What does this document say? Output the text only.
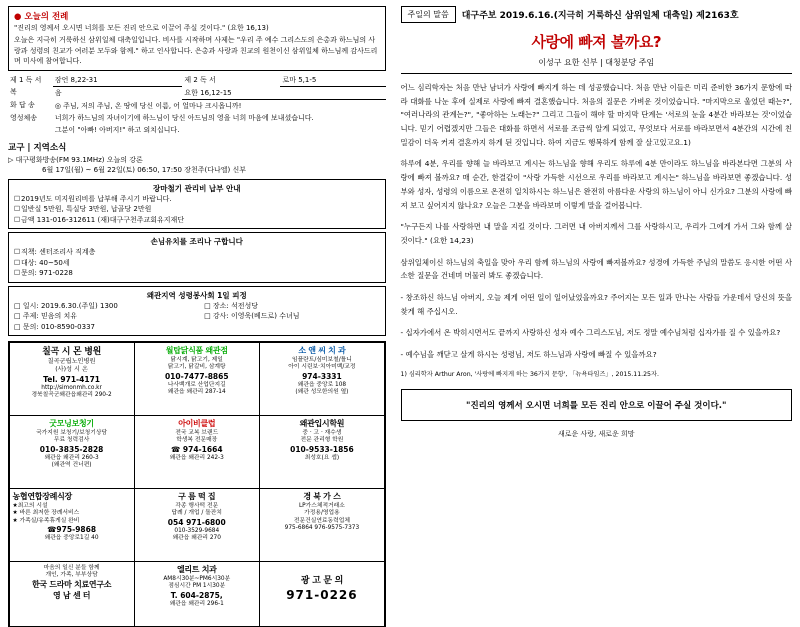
● 오늘의 전례
"진리의 영께서 오시면 너희를 모든 진리 안으로 이끌어 주실 것이다." (요한 16,13)
오늘은 지극히 거룩하신 삼위일체 대축일입니다. 비사를 시작하며 사제는 "우리 주 예수 그리스도의 은총과 하느님의 사랑과 성령의 친교가 여러분 모두와 함께." 하고 인사합니다. 은총과 사랑과 친교의 원천이신 삼위일체 하느님께 감사드리며 미사에 참여합니다.
제 1 독 서	잠언 8,22-31	제 2 독 서	로마 5,1-5
복	음	요한 16,12-15	
화 답 송	◎ 주님, 저의 주님, 온 땅에 당신 이름, 어 얼마나 크시옵니까!		
영성체송	너희가 하느님의 자녀이기에 하느님이 당신 아드님의 영을 너희 마음에 보내셨습니다.		
	그분이 "아빠! 아버지!" 하고 외치십니다.		
교구 | 지역소식
▷ 대구평화방송(FM 93.1MHz) 오늘의 강론
6월 17일(월) ~ 6월 22일(토) 06:50, 17:50 장천주(다나엘) 신부
장마철기 관리비 납부 안내
□ 2019년도 미지원리비를 납부해 주시기 바랍니다.
□ 일반실 5만원, 특실당 3만원, 납골당 2만원
□ 금액 131-016-312611 (재)대구구천주교회유지재단
손님유치를 조리나 구합니다
□ 직책: 센터조리사 직계층
□ 대상: 40~50세
□ 문의: 971-0228
왜관지역 성령봉사회 1일 피정
□ 일시: 2019.6.30.(주일) 1300	□ 장소: 석전성당
□ 주제: 믿음의 치유	□ 강사: 이영욱(베드로) 수녀님
□ 문의: 010-8590-0337
칠곡 시 몬 병원
칠곡군립노인병원
(사)성 시 온
Tel. 971-4171
http://simonmh.co.kr
경북칠곡군왜관읍왜관리 290-2
월탑닭식품 왜관점
닭시계, 닭고기, 제일
닭고기, 닭갈비, 삼계탕
010-7477-8865
나사백개로 산업단지길
왜관읍 왜관리 287-14
소 앤 씨 치 과
임플란트/심미보철/틀니
아이 시린보·치아미백/교정
974-3331
왜관읍 중앙로 108
(왜관 성모한의원 옆)
굿모닝보청기
국가지원 보청기/보청기상담
무료 청력검사
010-3835-2828
왜관읍 왜관리 260-3
(왜관역 건너편)
아이비클럽
전국 교복 브랜드
학생복 전문매장
☎ 974-1664
왜관읍 왜관리 242-3
왜관입시학원
중 · 고 · 재수생
전문 관리형 학원
010-9533-1856
최성호(요 셉)
농협연합장례식장
★최고의 시설
★ 바른 최저한 장례서비스
★ 가족실/유족휴게실 완비
☎975-9868
왜관읍 중앙로1길 40
구 름 떡 집
각종 행사떡 전문
답례 / 개업 / 돌잔치
054 971-6800
010-3529-9684
왜관읍 왜관리 270
경 북 가 스
LP가스체적거래소
가정용/영업용
전문건실연료동력업체
975-6864 976-9575-7373
마음의 일신 분들 함께
개인, 가족, 부부상담
한국 드라마 치료연구소
영 남 센 터
엘리트 치과
AM8시30분~PM6시30분
점심시간 PM 1시30분
T. 604-2875,
왜관읍 왜관리 296-1
광 고 문 의
971-0226
주일의 말씀	대구주보 2019.6.16.(지극히 거룩하신 삼위일체 대축일) 제2163호
사랑에 빠져 볼까요?
이성구 요한 신부 | 대청분당 주임

어느 심리학자는 처음 만난 남녀가 사랑에 빠지게 하는 데 성공했습니다. 처음 만난 이들은 미리 준비한 36가지 문항에 따라 대화를 나눈 후에 실제로 사랑에 빠져 결혼했습니다. 처음의 질문은 가벼운 것이었습니다. "마지막으로 울었던 때는?", "여러나라의 관계는?", "좋아하는 노래는?" 그리고 그들이 해야 할 마지막 단계는 '서로의 눈을 4분간 바라보는 것'이었습니다. 믿기 어렵겠지만 그들은 대화를 하면서 서로를 조금씩 알게 되었고, 무엇보다 서로를 바라보면서 4분간의 시간에 친밀감이 더욱 커져 결혼까지 하게 된 것입니다. 하여 지금도 행복하게 함께 잘 살고있고요.1)

하루에 4분, 우리를 향해 늘 바라보고 계시는 하느님을 향해 우리도 하루에 4분 만이라도 하느님을 바라본다면 그분의 사랑에 빠져 볼까요? 매 순간, 한결같이 "사랑 가득한 시선으로 우리를 바라보고 계시는" 하느님을 바라보면 좋겠습니다. 성부와 성자, 성령의 이름으로 온전히 일치하시는 하느님은 완전히 아름다운 사랑의 하느님이 아니 신가요? 그분의 사랑에 빠져 보고 싶어지지 않나요? 오늘은 그분을 바라보며 이렇게 말을 걸어봅니다.

"누구든지 나를 사랑하면 내 말을 지킬 것이다. 그러면 내 아버지께서 그를 사랑하시고, 우리가 그에게 가서 그와 함께 살 것이다." (요한 14,23)

삼위일체이신 하느님의 축일을 맞아 우리 함께 하느님의 사랑에 빠져볼까요? 성경에 가득한 주님의 말씀도 응시한 어떤 사소한 질문을 건네며 머물러 봐도 좋겠습니다.

- 창조하신 하느님 아버지, 오늘 제게 어떤 일이 일어났었을까요? 주어지는 모든 일과 만나는 사람들 가운데서 당신의 뜻을 찾게 해 주십시오.

- 십자가에서 온 박히시면서도 끝까지 사랑하신 성자 예수 그리스도님, 저도 정말 예수님처럼 십자가를 질 수 있을까요?

- 예수님을 깨닫고 살게 하시는 성령님, 저도 하느님과 사랑에 빠질 수 있을까요?

1) 심리학자 Arthur Aron, '사랑에 빠지게 하는 36가지 문항', 「뉴욕타임즈」, 2015.11.25자.
"진리의 영께서 오시면 너희를 모든 진리 안으로 이끌어 주실 것이다."
새로운 사랑, 새로운 희망
